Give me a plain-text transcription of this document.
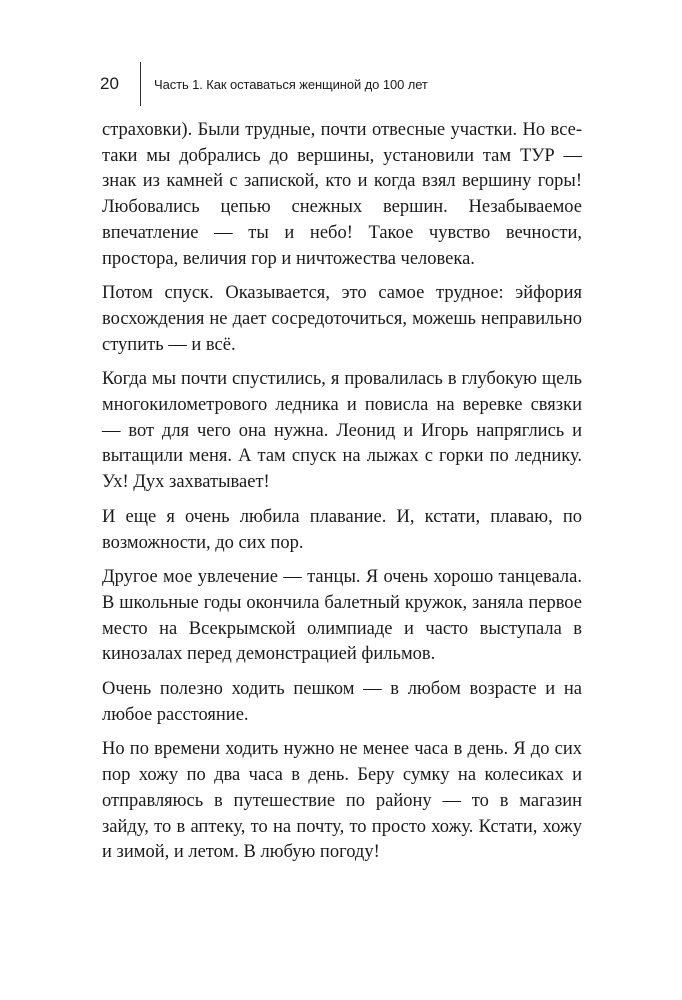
20	Часть 1. Как оставаться женщиной до 100 лет

страховки). Были трудные, почти отвесные участки. Но все-таки мы добрались до вершины, установили там ТУР — знак из камней с запиской, кто и когда взял вершину горы! Любовались цепью снежных вершин. Незабываемое впечатление — ты и небо! Такое чувство вечности, простора, величия гор и ничтожества человека.

Потом спуск. Оказывается, это самое трудное: эйфория восхождения не дает сосредоточиться, можешь неправильно ступить — и всё.

Когда мы почти спустились, я провалилась в глубокую щель многокилометрового ледника и повисла на веревке связки — вот для чего она нужна. Леонид и Игорь напряглись и вытащили меня. А там спуск на лыжах с горки по леднику. Ух! Дух захватывает!

И еще я очень любила плавание. И, кстати, плаваю, по возможности, до сих пор.

Другое мое увлечение — танцы. Я очень хорошо танцевала. В школьные годы окончила балетный кружок, заняла первое место на Всекрымской олимпиаде и часто выступала в кинозалах перед демонстрацией фильмов.

Очень полезно ходить пешком — в любом возрасте и на любое расстояние.

Но по времени ходить нужно не менее часа в день. Я до сих пор хожу по два часа в день. Беру сумку на колесиках и отправляюсь в путешествие по району — то в магазин зайду, то в аптеку, то на почту, то просто хожу. Кстати, хожу и зимой, и летом. В любую погоду!
